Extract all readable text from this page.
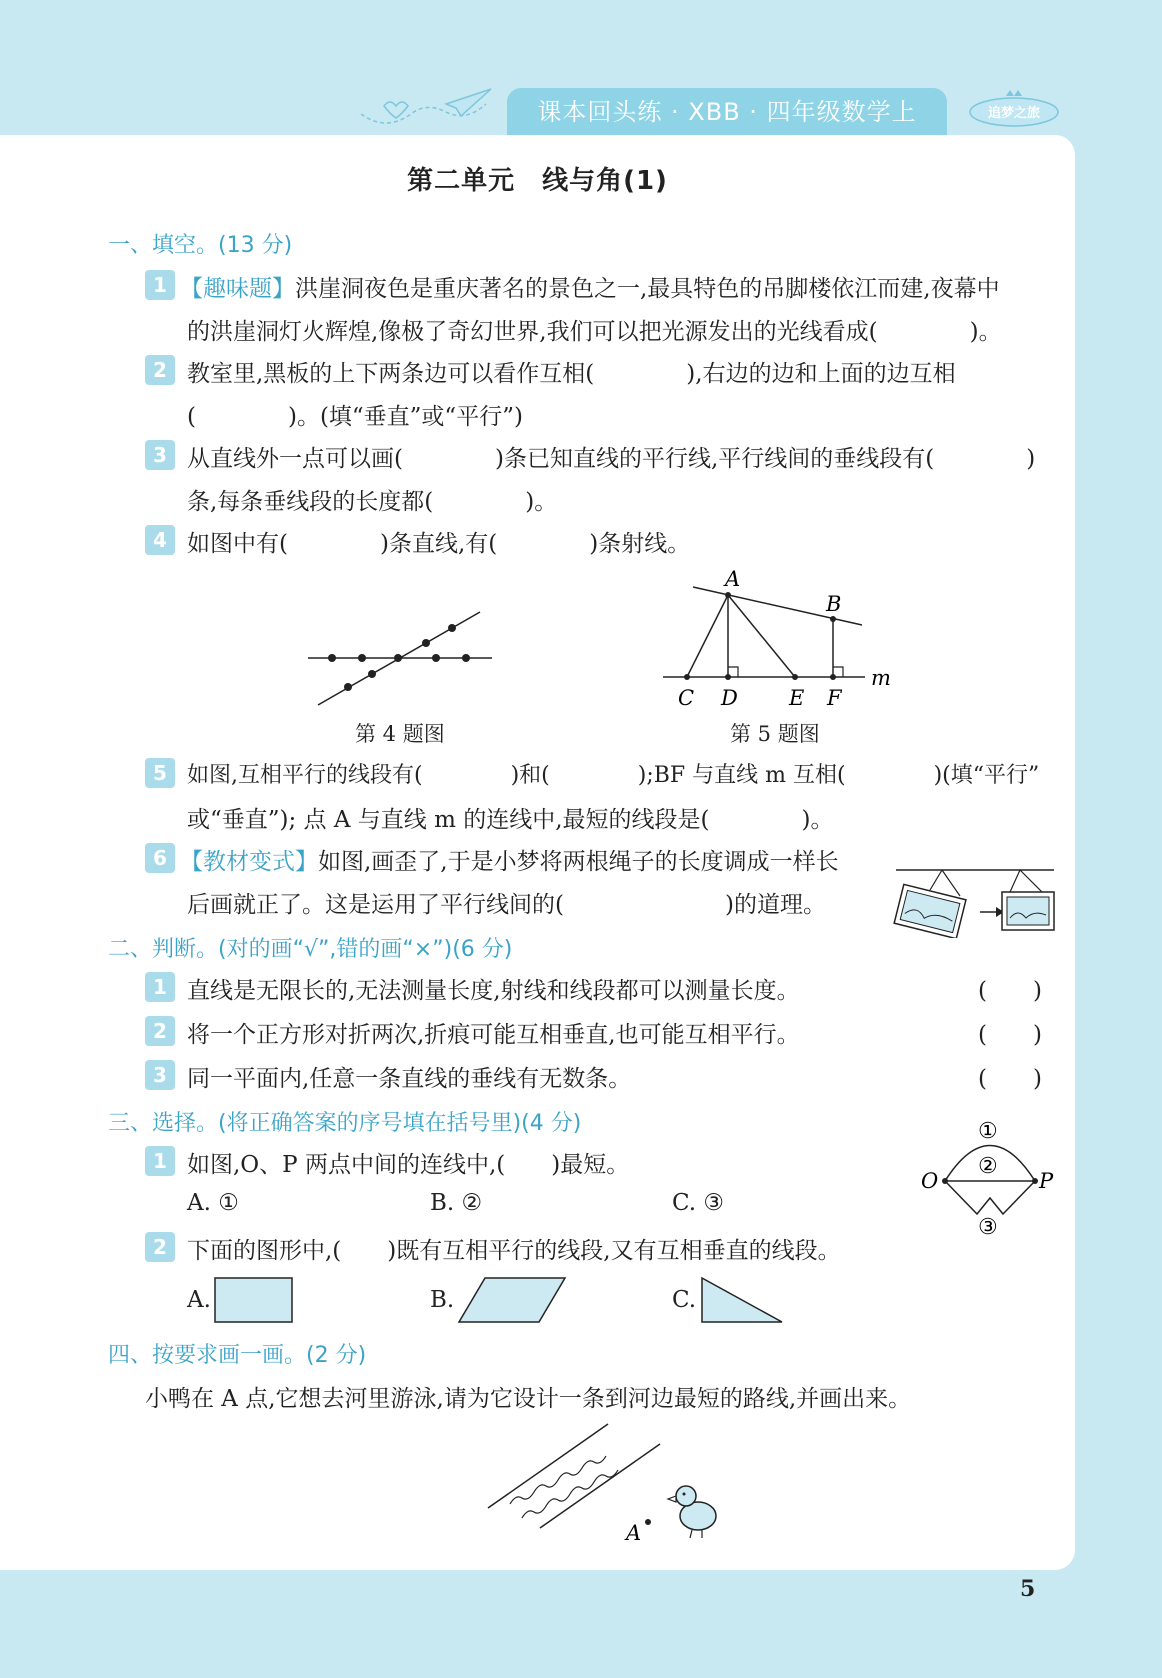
课本回头练 · XBB · 四年级数学上	追梦之旅
第二单元　线与角(1)
一、填空。(13 分)
1 【趣味题】洪崖洞夜色是重庆著名的景色之一,最具特色的吊脚楼依江而建,夜幕中
的洪崖洞灯火辉煌,像极了奇幻世界,我们可以把光源发出的光线看成(　　　　)。
2 教室里,黑板的上下两条边可以看作互相(　　　　),右边的边和上面的边互相
(　　　　)。(填“垂直”或“平行”)
3 从直线外一点可以画(　　　　)条已知直线的平行线,平行线间的垂线段有(　　　　)
条,每条垂线段的长度都(　　　　)。
4 如图中有(　　　　)条直线,有(　　　　)条射线。
第 4 题图
A
B
C D E F
m
第 5 题图
5 如图,互相平行的线段有(　　　　)和(　　　　);BF 与直线 m 互相(　　　　)(填“平行”
或“垂直”); 点 A 与直线 m 的连线中,最短的线段是(　　　　)。
6 【教材变式】如图,画歪了,于是小梦将两根绳子的长度调成一样长
后画就正了。这是运用了平行线间的(　　　　　　　)的道理。
二、判断。(对的画“√”,错的画“×”)(6 分)
1 直线是无限长的,无法测量长度,射线和线段都可以测量长度。	(　　)
2 将一个正方形对折两次,折痕可能互相垂直,也可能互相平行。	(　　)
3 同一平面内,任意一条直线的垂线有无数条。	(　　)
三、选择。(将正确答案的序号填在括号里)(4 分)
1 如图,O、P 两点中间的连线中,(　　)最短。
A. ①	B. ②	C. ③
O	P
①
②
③
2 下面的图形中,(　　)既有互相平行的线段,又有互相垂直的线段。
A.	B.	C.
四、按要求画一画。(2 分)
小鸭在 A 点,它想去河里游泳,请为它设计一条到河边最短的路线,并画出来。
A
5
